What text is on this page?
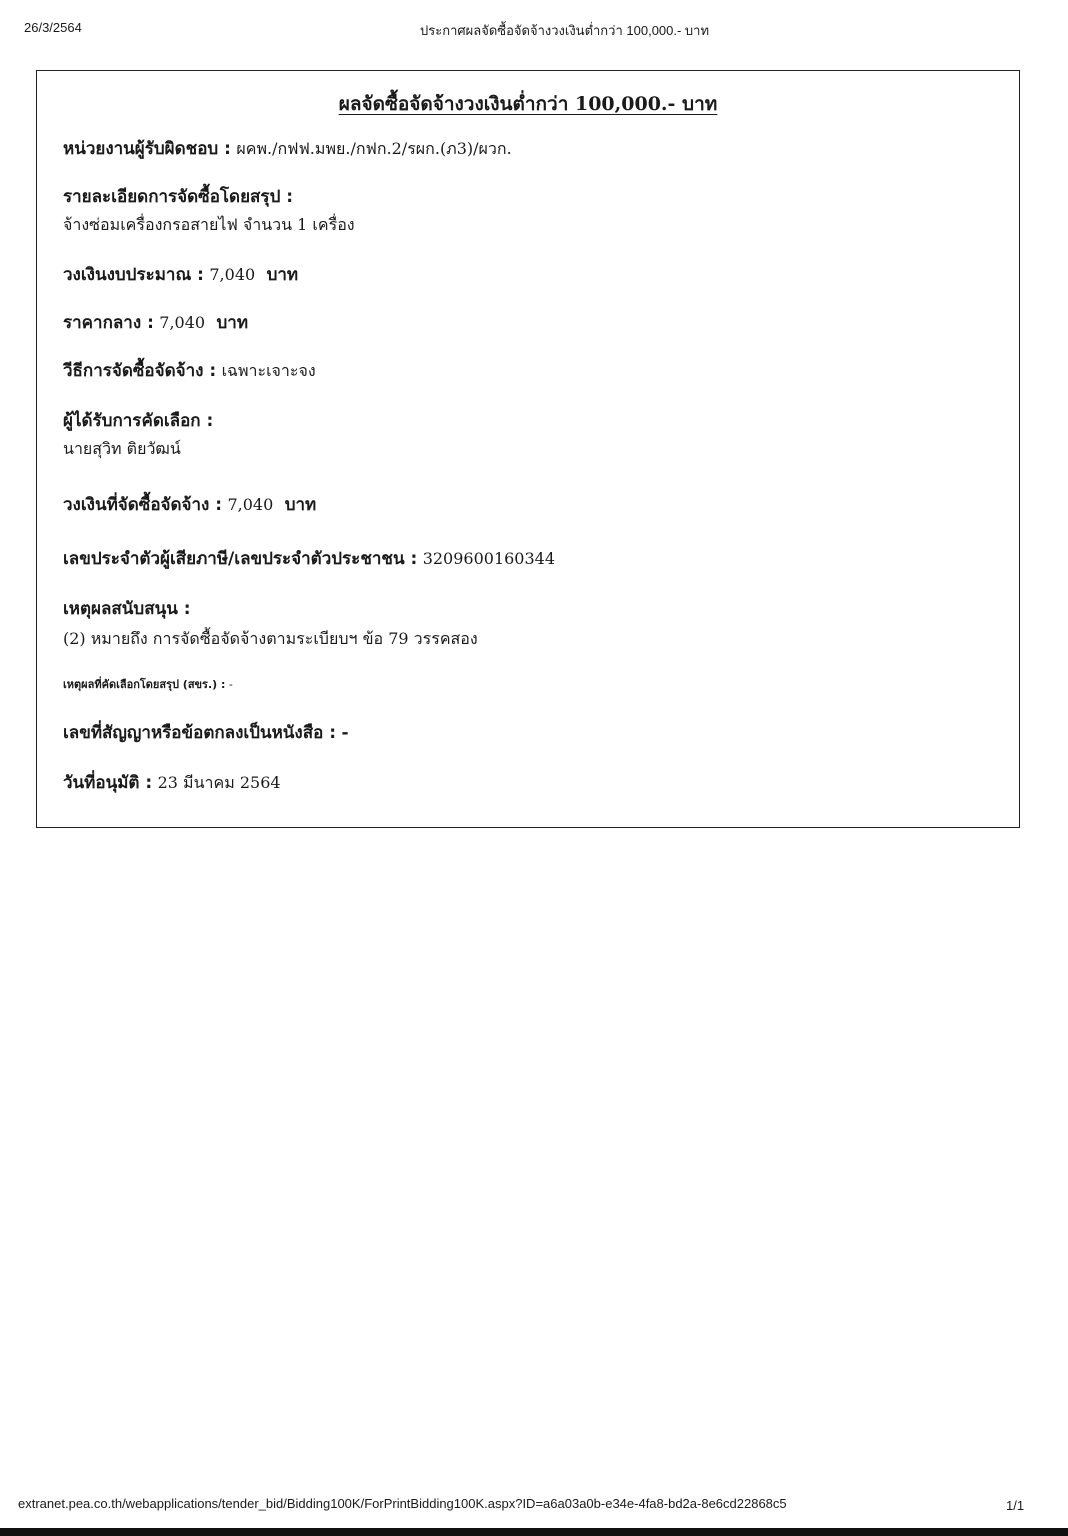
26/3/2564	ประกาศผลจัดซื้อจัดจ้างวงเงินต่ำกว่า 100,000.- บาท
ผลจัดซื้อจัดจ้างวงเงินต่ำกว่า 100,000.- บาท
หน่วยงานผู้รับผิดชอบ : ผคพ./กฟฟ.มพย./กฟก.2/รผก.(ภ3)/ผวก.
รายละเอียดการจัดซื้อโดยสรุป :
จ้างซ่อมเครื่องกรอสายไฟ จำนวน 1 เครื่อง
วงเงินงบประมาณ : 7,040 บาท
ราคากลาง : 7,040 บาท
วีธีการจัดซื้อจัดจ้าง : เฉพาะเจาะจง
ผู้ได้รับการคัดเลือก :
นายสุวิท ติยวัฒน์
วงเงินที่จัดซื้อจัดจ้าง : 7,040 บาท
เลขประจำตัวผู้เสียภาษี/เลขประจำตัวประชาชน : 3209600160344
เหตุผลสนับสนุน :
(2) หมายถึง การจัดซื้อจัดจ้างตามระเบียบฯ ข้อ 79 วรรคสอง
เหตุผลที่คัดเลือกโดยสรุป (สขร.) : -
เลขที่สัญญาหรือข้อตกลงเป็นหนังสือ : -
วันที่อนุมัติ : 23 มีนาคม 2564
extranet.pea.co.th/webapplications/tender_bid/Bidding100K/ForPrintBidding100K.aspx?ID=a6a03a0b-e34e-4fa8-bd2a-8e6cd22868c5	1/1
